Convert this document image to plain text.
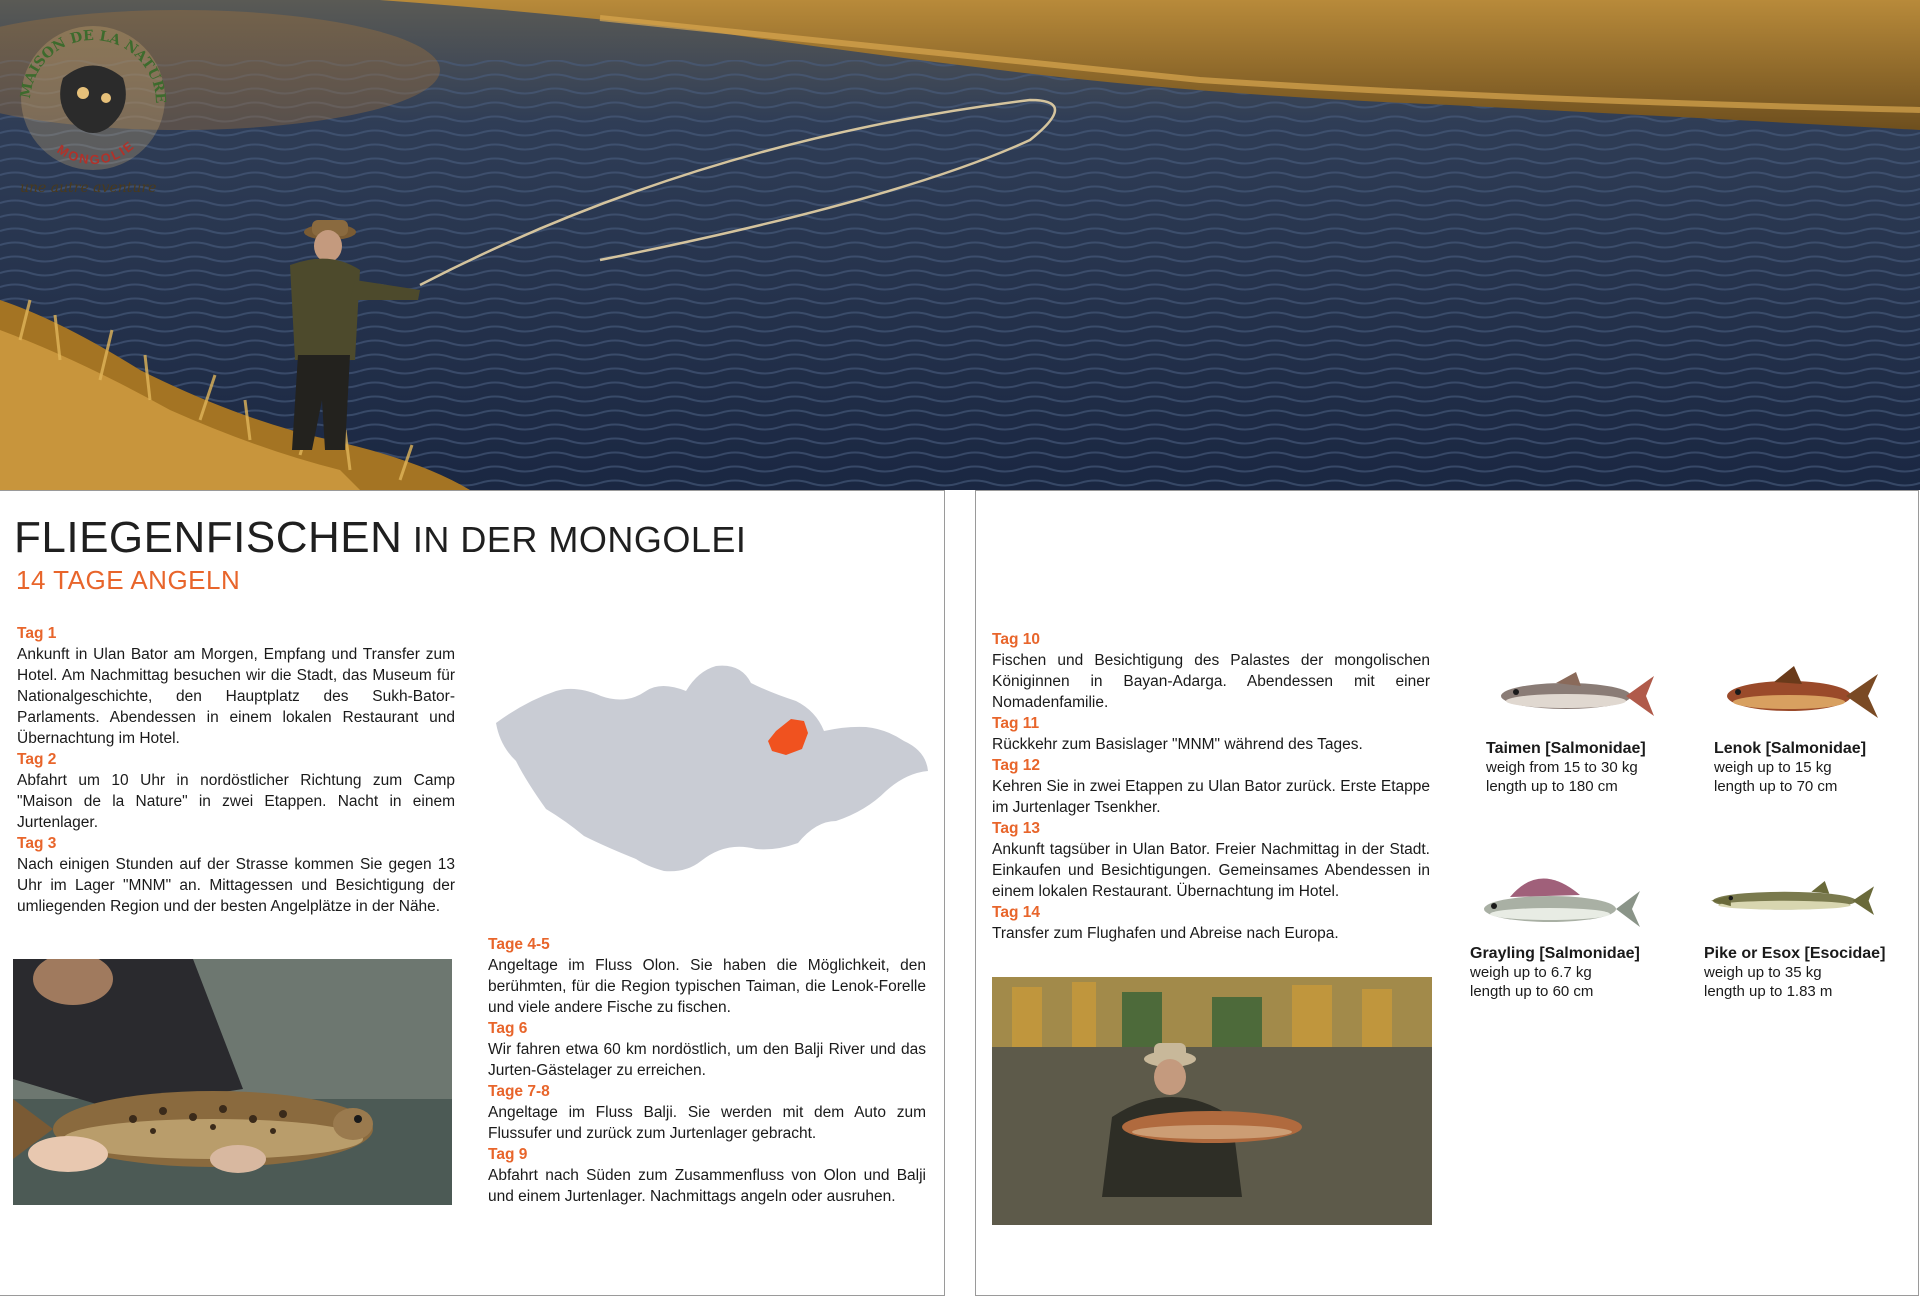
MAISON DE LA NATURE
MONGOLIE
une autre aventure
FLIEGENFISCHEN IN DER MONGOLEI
14 TAGE ANGELN
Tag 1
Ankunft in Ulan Bator am Morgen, Empfang und Transfer zum Hotel. Am Nachmittag besuchen wir die Stadt, das Museum für Nationalgeschichte, den Hauptplatz des Sukh-Bator-Parlaments. Abendessen in einem lokalen Restaurant und Übernachtung im Hotel.
Tag 2
Abfahrt um 10 Uhr in nordöstlicher Richtung zum Camp "Maison de la Nature" in zwei Etappen. Nacht in einem Jurtenlager.
Tag 3
Nach einigen Stunden auf der Strasse kommen Sie gegen 13 Uhr im Lager "MNM" an. Mittagessen und Besichtigung der umliegenden Region und der besten Angelplätze in der Nähe.
Tage 4-5
Angeltage im Fluss Olon. Sie haben die Möglichkeit, den berühmten, für die Region typischen Taiman, die Lenok-Forelle und viele andere Fische zu fischen.
Tag 6
Wir fahren etwa 60 km nordöstlich, um den Balji River und das Jurten-Gästelager zu erreichen.
Tage 7-8
Angeltage im Fluss Balji. Sie werden mit dem Auto zum Flussufer und zurück zum Jurtenlager gebracht.
Tag 9
Abfahrt nach Süden zum Zusammenfluss von Olon und Balji und einem Jurtenlager. Nachmittags angeln oder ausruhen.
Tag 10
Fischen und Besichtigung des Palastes der mongolischen Königinnen in Bayan-Adarga. Abendessen mit einer Nomadenfamilie.
Tag 11
Rückkehr zum Basislager "MNM" während des Tages.
Tag 12
Kehren Sie in zwei Etappen zu Ulan Bator zurück. Erste Etappe im Jurtenlager Tsenkher.
Tag 13
Ankunft tagsüber in Ulan Bator. Freier Nachmittag in der Stadt. Einkaufen und Besichtigungen. Gemeinsames Abendessen in einem lokalen Restaurant. Übernachtung im Hotel.
Tag 14
Transfer zum Flughafen und Abreise nach Europa.
Taimen [Salmonidae]
weigh from 15 to 30 kg
length up to 180 cm
Lenok [Salmonidae]
weigh up to 15 kg
length up to 70 cm
Grayling [Salmonidae]
weigh up to 6.7 kg
length up to 60 cm
Pike or Esox [Esocidae]
weigh up to 35 kg
length up to 1.83 m
